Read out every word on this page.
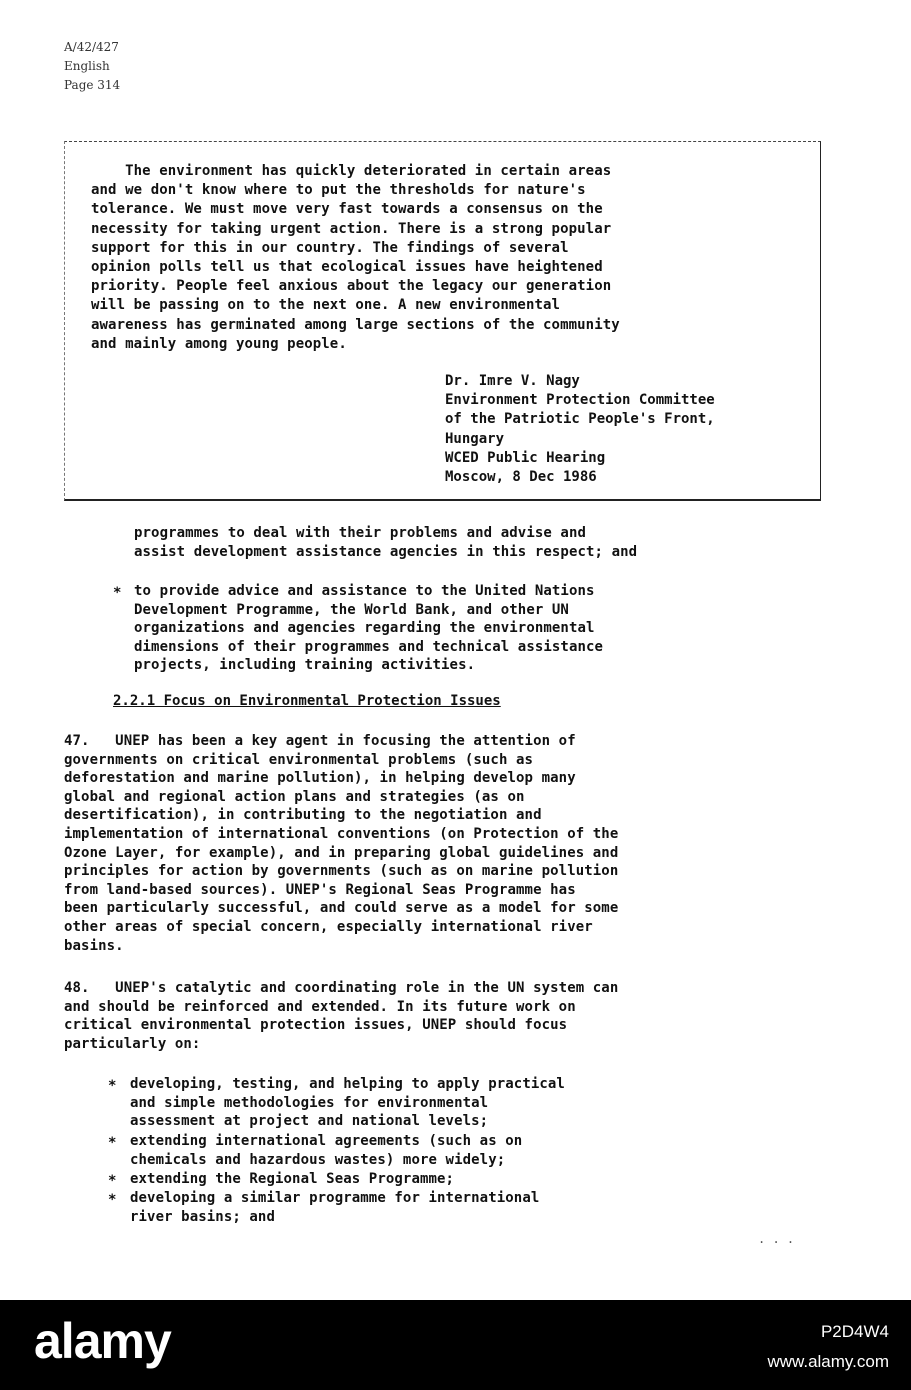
A/42/427
English
Page 314
The environment has quickly deteriorated in certain areas
and we don't know where to put the thresholds for nature's
tolerance. We must move very fast towards a consensus on the
necessity for taking urgent action. There is a strong popular
support for this in our country. The findings of several
opinion polls tell us that ecological issues have heightened
priority. People feel anxious about the legacy our generation
will be passing on to the next one. A new environmental
awareness has germinated among large sections of the community
and mainly among young people.
Dr. Imre V. Nagy
Environment Protection Committee
of the Patriotic People's Front,
Hungary
WCED Public Hearing
Moscow, 8 Dec 1986
programmes to deal with their problems and advise and
assist development assistance agencies in this respect; and
* to provide advice and assistance to the United Nations
Development Programme, the World Bank, and other UN
organizations and agencies regarding the environmental
dimensions of their programmes and technical assistance
projects, including training activities.
2.2.1 Focus on Environmental Protection Issues
47.   UNEP has been a key agent in focusing the attention of
governments on critical environmental problems (such as
deforestation and marine pollution), in helping develop many
global and regional action plans and strategies (as on
desertification), in contributing to the negotiation and
implementation of international conventions (on Protection of the
Ozone Layer, for example), and in preparing global guidelines and
principles for action by governments (such as on marine pollution
from land-based sources). UNEP's Regional Seas Programme has
been particularly successful, and could serve as a model for some
other areas of special concern, especially international river
basins.
48.   UNEP's catalytic and coordinating role in the UN system can
and should be reinforced and extended. In its future work on
critical environmental protection issues, UNEP should focus
particularly on:
* developing, testing, and helping to apply practical
and simple methodologies for environmental
assessment at project and national levels;
* extending international agreements (such as on
chemicals and hazardous wastes) more widely;
* extending the Regional Seas Programme;
* developing a similar programme for international
river basins; and
. . .
alamy	P2D4W4
www.alamy.com
